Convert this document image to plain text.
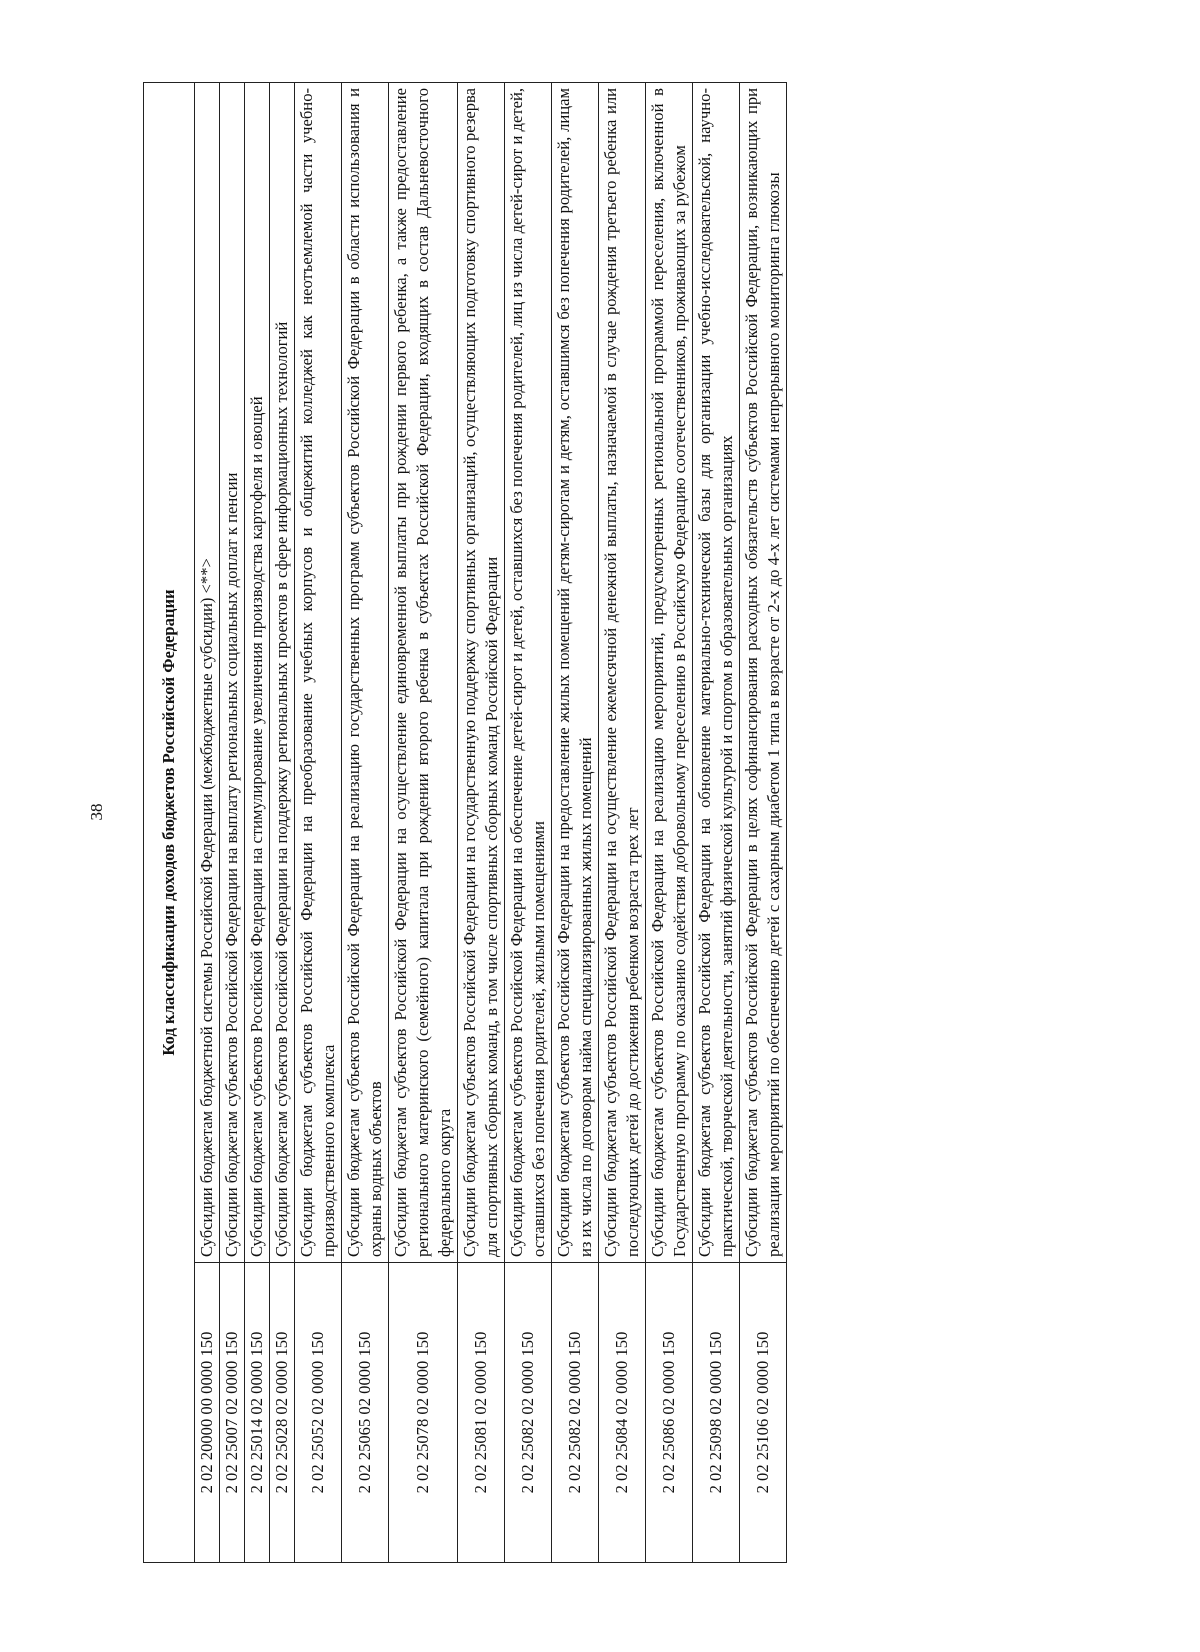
38	Код классификации доходов бюджетов Российской Федерации	
2 02 20000 00 0000 150	Субсидии бюджетам бюджетной системы Российской Федерации (межбюджетные субсидии) <**>
2 02 25007 02 0000 150	Субсидии бюджетам субъектов Российской Федерации на выплату региональных социальных доплат к пенсии
2 02 25014 02 0000 150	Субсидии бюджетам субъектов Российской Федерации на стимулирование увеличения производства картофеля и овощей
2 02 25028 02 0000 150	Субсидии бюджетам субъектов Российской Федерации на поддержку региональных проектов в сфере информационных технологий
2 02 25052 02 0000 150	Субсидии бюджетам субъектов Российской Федерации на преобразование учебных корпусов и общежитий колледжей как неотъемлемой части учебно-производственного комплекса
2 02 25065 02 0000 150	Субсидии бюджетам субъектов Российской Федерации на реализацию государственных программ субъектов Российской Федерации в области использования и охраны водных объектов
2 02 25078 02 0000 150	Субсидии бюджетам субъектов Российской Федерации на осуществление единовременной выплаты при рождении первого ребенка, а также предоставление регионального материнского (семейного) капитала при рождении второго ребенка в субъектах Российской Федерации, входящих в состав Дальневосточного федерального округа
2 02 25081 02 0000 150	Субсидии бюджетам субъектов Российской Федерации на государственную поддержку спортивных организаций, осуществляющих подготовку спортивного резерва для спортивных сборных команд, в том числе спортивных сборных команд Российской Федерации
2 02 25082 02 0000 150	Субсидии бюджетам субъектов Российской Федерации на обеспечение детей-сирот и детей, оставшихся без попечения родителей, лиц из числа детей-сирот и детей, оставшихся без попечения родителей, жилыми помещениями
2 02 25082 02 0000 150	Субсидии бюджетам субъектов Российской Федерации на предоставление жилых помещений детям-сиротам и детям, оставшимся без попечения родителей, лицам из их числа по договорам найма специализированных жилых помещений
2 02 25084 02 0000 150	Субсидии бюджетам субъектов Российской Федерации на осуществление ежемесячной денежной выплаты, назначаемой в случае рождения третьего ребенка или последующих детей до достижения ребенком возраста трех лет
2 02 25086 02 0000 150	Субсидии бюджетам субъектов Российской Федерации на реализацию мероприятий, предусмотренных региональной программой переселения, включенной в Государственную программу по оказанию содействия добровольному переселению в Российскую Федерацию соотечественников, проживающих за рубежом
2 02 25098 02 0000 150	Субсидии бюджетам субъектов Российской Федерации на обновление материально-технической базы для организации учебно-исследовательской, научно- практической, творческой деятельности, занятий физической культурой и спортом в образовательных организациях
2 02 25106 02 0000 150	Субсидии бюджетам субъектов Российской Федерации в целях софинансирования расходных обязательств субъектов Российской Федерации, возникающих при реализации мероприятий по обеспечению детей с сахарным диабетом 1 типа в возрасте от 2-х до 4-х лет системами непрерывного мониторинга глюкозы
